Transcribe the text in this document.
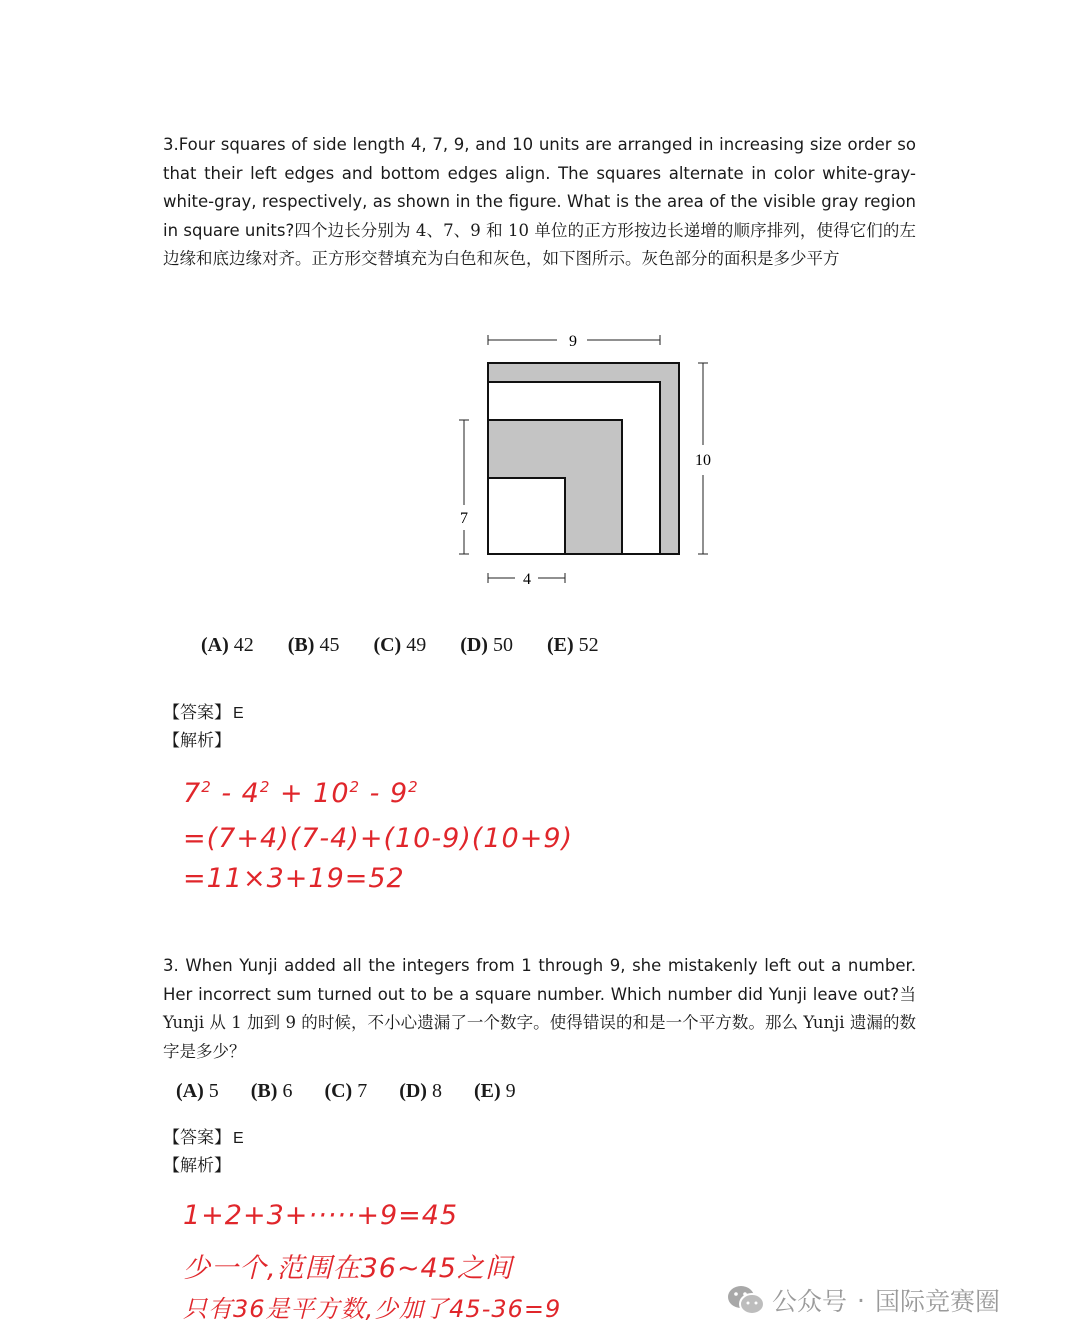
3.Four squares of side length 4, 7, 9, and 10 units are arranged in increasing size order so that their left edges and bottom edges align. The squares alternate in color white-gray-white-gray, respectively, as shown in the figure. What is the area of the visible gray region in square units?四个边长分别为 4、7、9 和 10 单位的正方形按边长递增的顺序排列，使得它们的左边缘和底边缘对齐。正方形交替填充为白色和灰色，如下图所示。灰色部分的面积是多少平方
9
10
7
4
(A) 42 (B) 45 (C) 49 (D) 50 (E) 52
【答案】 E
【解析】
$7^2 - 4^2 + 10^2 - 9^2$
=(7+4)(7-4)+(10-9)(10+9)
=11×3+19=52
3. When Yunji added all the integers from 1 through 9, she mistakenly left out a number. Her incorrect sum turned out to be a square number. Which number did Yunji leave out?当 Yunji 从 1 加到 9 的时候，不小心遗漏了一个数字。使得错误的和是一个平方数。那么 Yunji 遗漏的数字是多少？
(A) 5 (B) 6 (C) 7 (D) 8 (E) 9
【答案】 E
【解析】
1+2+3+·····+9=45
少一个,范围在36~45之间
只有36是平方数,少加了45-36=9	公众号 · 国际竞赛圈
